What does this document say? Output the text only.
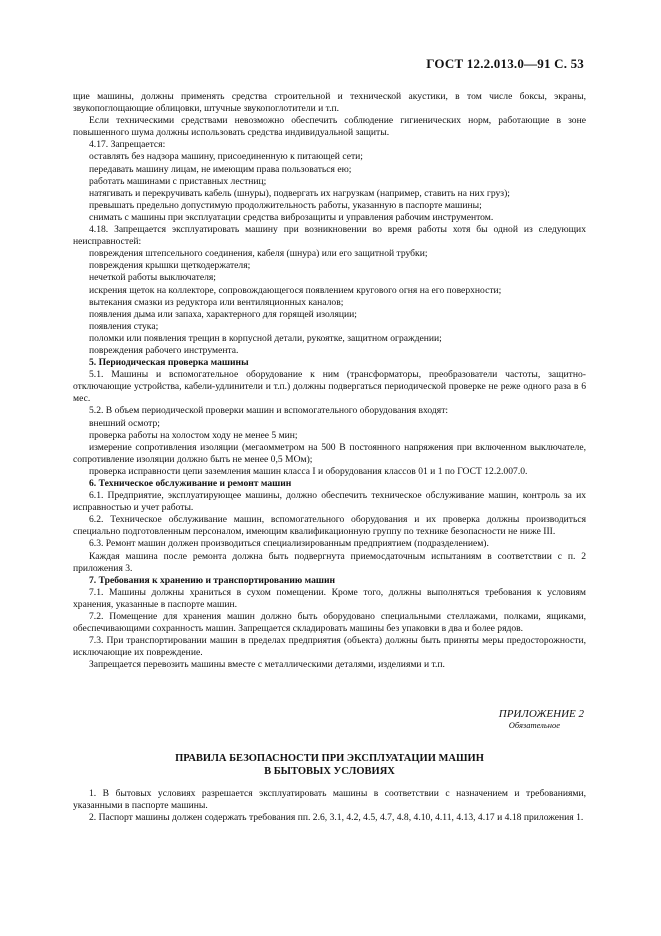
ГОСТ 12.2.013.0—91 С. 53

щие машины, должны применять средства строительной и технической акустики, в том числе боксы, экраны, звукопоглощающие облицовки, штучные звукопоглотители и т.п.

Если техническими средствами невозможно обеспечить соблюдение гигиенических норм, работающие в зоне повышенного шума должны использовать средства индивидуальной защиты.

4.17. Запрещается:

оставлять без надзора машину, присоединенную к питающей сети;

передавать машину лицам, не имеющим права пользоваться ею;

работать машинами с приставных лестниц;

натягивать и перекручивать кабель (шнуры), подвергать их нагрузкам (например, ставить на них груз);

превышать предельно допустимую продолжительность работы, указанную в паспорте машины;

снимать с машины при эксплуатации средства виброзащиты и управления рабочим инструментом.

4.18. Запрещается эксплуатировать машину при возникновении во время работы хотя бы одной из следующих неисправностей:

повреждения штепсельного соединения, кабеля (шнура) или его защитной трубки;

повреждения крышки щеткодержателя;

нечеткой работы выключателя;

искрения щеток на коллекторе, сопровождающегося появлением кругового огня на его поверхности;

вытекания смазки из редуктора или вентиляционных каналов;

появления дыма или запаха, характерного для горящей изоляции;

появления стука;

поломки или появления трещин в корпусной детали, рукоятке, защитном ограждении;

повреждения рабочего инструмента.

5. Периодическая проверка машины

5.1. Машины и вспомогательное оборудование к ним (трансформаторы, преобразователи частоты, защитно-отключающие устройства, кабели-удлинители и т.п.) должны подвергаться периодической проверке не реже одного раза в 6 мес.

5.2. В объем периодической проверки машин и вспомогательного оборудования входят:

внешний осмотр;

проверка работы на холостом ходу не менее 5 мин;

измерение сопротивления изоляции (мегаомметром на 500 В постоянного напряжения при включенном выключателе, сопротивление изоляции должно быть не менее 0,5 МОм);

проверка исправности цепи заземления машин класса I и оборудования классов 01 и 1 по ГОСТ 12.2.007.0.

6. Техническое обслуживание и ремонт машин

6.1. Предприятие, эксплуатирующее машины, должно обеспечить техническое обслуживание машин, контроль за их исправностью и учет работы.

6.2. Техническое обслуживание машин, вспомогательного оборудования и их проверка должны производиться специально подготовленным персоналом, имеющим квалификационную группу по технике безопасности не ниже III.

6.3. Ремонт машин должен производиться специализированным предприятием (подразделением).

Каждая машина после ремонта должна быть подвергнута приемосдаточным испытаниям в соответствии с п. 2 приложения 3.

7. Требования к хранению и транспортированию машин

7.1. Машины должны храниться в сухом помещении. Кроме того, должны выполняться требования к условиям хранения, указанные в паспорте машин.

7.2. Помещение для хранения машин должно быть оборудовано специальными стеллажами, полками, ящиками, обеспечивающими сохранность машин. Запрещается складировать машины без упаковки в два и более рядов.

7.3. При транспортировании машин в пределах предприятия (объекта) должны быть приняты меры предосторожности, исключающие их повреждение.

Запрещается перевозить машины вместе с металлическими деталями, изделиями и т.п.

ПРИЛОЖЕНИЕ 2
Обязательное
ПРАВИЛА БЕЗОПАСНОСТИ ПРИ ЭКСПЛУАТАЦИИ МАШИН
В БЫТОВЫХ УСЛОВИЯХ

1. В бытовых условиях разрешается эксплуатировать машины в соответствии с назначением и требованиями, указанными в паспорте машины.

2. Паспорт машины должен содержать требования пп. 2.6, 3.1, 4.2, 4.5, 4.7, 4.8, 4.10, 4.11, 4.13, 4.17 и 4.18 приложения 1.
